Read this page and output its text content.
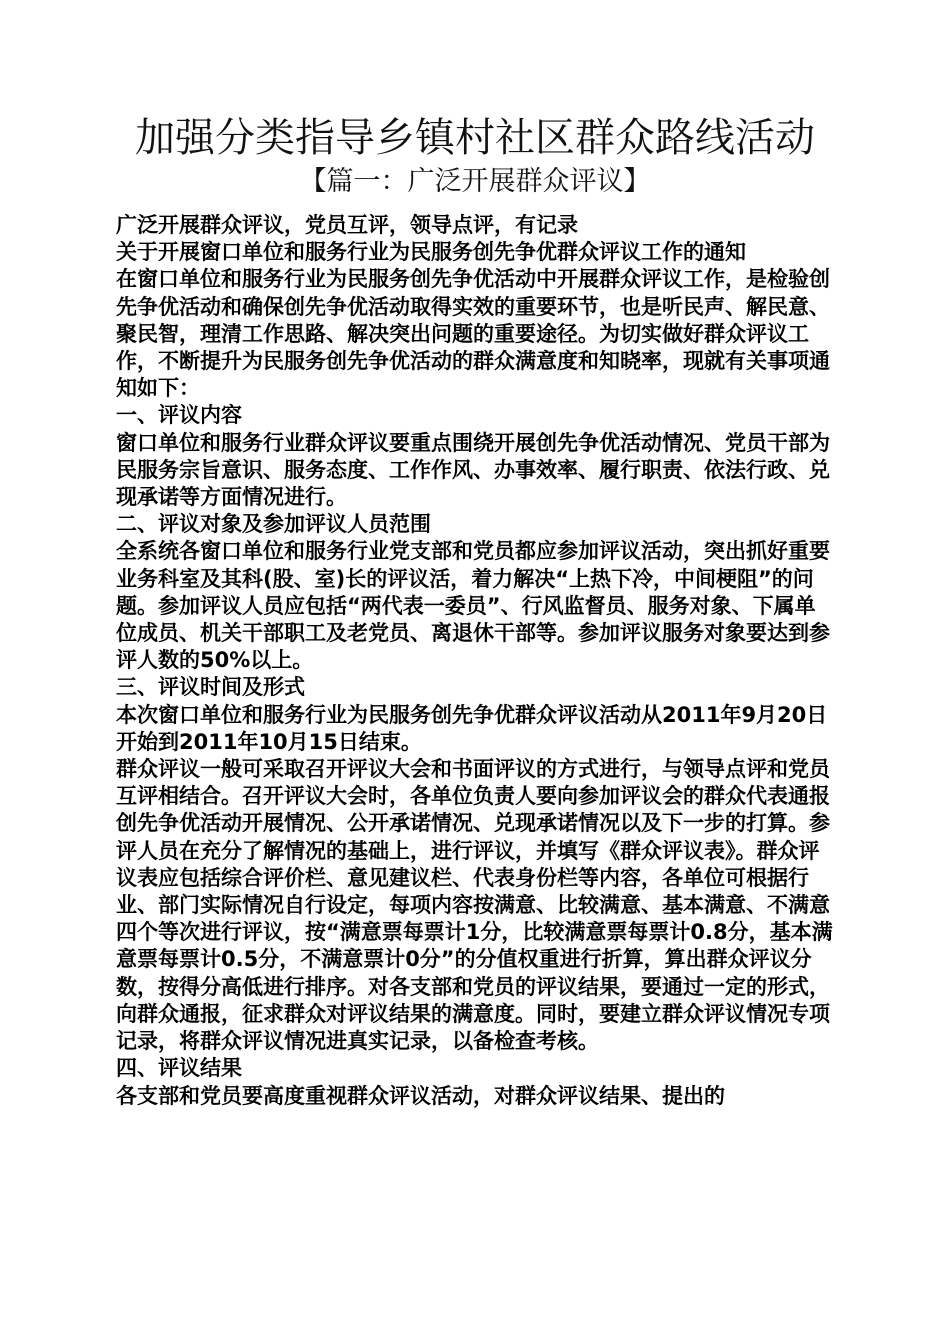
加强分类指导乡镇村社区群众路线活动
【篇一：广泛开展群众评议】

广泛开展群众评议，党员互评，领导点评，有记录

关于开展窗口单位和服务行业为民服务创先争优群众评议工作的通知

在窗口单位和服务行业为民服务创先争优活动中开展群众评议工作，是检验创先争优活动和确保创先争优活动取得实效的重要环节，也是听民声、解民意、聚民智，理清工作思路、解决突出问题的重要途径。为切实做好群众评议工作，不断提升为民服务创先争优活动的群众满意度和知晓率，现就有关事项通知如下：

一、评议内容

窗口单位和服务行业群众评议要重点围绕开展创先争优活动情况、党员干部为民服务宗旨意识、服务态度、工作作风、办事效率、履行职责、依法行政、兑现承诺等方面情况进行。

二、评议对象及参加评议人员范围

全系统各窗口单位和服务行业党支部和党员都应参加评议活动，突出抓好重要业务科室及其科(股、室)长的评议活，着力解决“上热下冷，中间梗阻”的问题。参加评议人员应包括“两代表一委员”、行风监督员、服务对象、下属单位成员、机关干部职工及老党员、离退休干部等。参加评议服务对象要达到参评人数的50%以上。

三、评议时间及形式

本次窗口单位和服务行业为民服务创先争优群众评议活动从2011年9月20日开始到2011年10月15日结束。

群众评议一般可采取召开评议大会和书面评议的方式进行，与领导点评和党员互评相结合。召开评议大会时，各单位负责人要向参加评议会的群众代表通报创先争优活动开展情况、公开承诺情况、兑现承诺情况以及下一步的打算。参评人员在充分了解情况的基础上，进行评议，并填写《群众评议表》。群众评议表应包括综合评价栏、意见建议栏、代表身份栏等内容，各单位可根据行业、部门实际情况自行设定，每项内容按满意、比较满意、基本满意、不满意四个等次进行评议，按“满意票每票计1分，比较满意票每票计0.8分，基本满意票每票计0.5分，不满意票计0分”的分值权重进行折算，算出群众评议分数，按得分高低进行排序。对各支部和党员的评议结果，要通过一定的形式，向群众通报，征求群众对评议结果的满意度。同时，要建立群众评议情况专项记录，将群众评议情况进真实记录，以备检查考核。

四、评议结果

各支部和党员要高度重视群众评议活动，对群众评议结果、提出的
